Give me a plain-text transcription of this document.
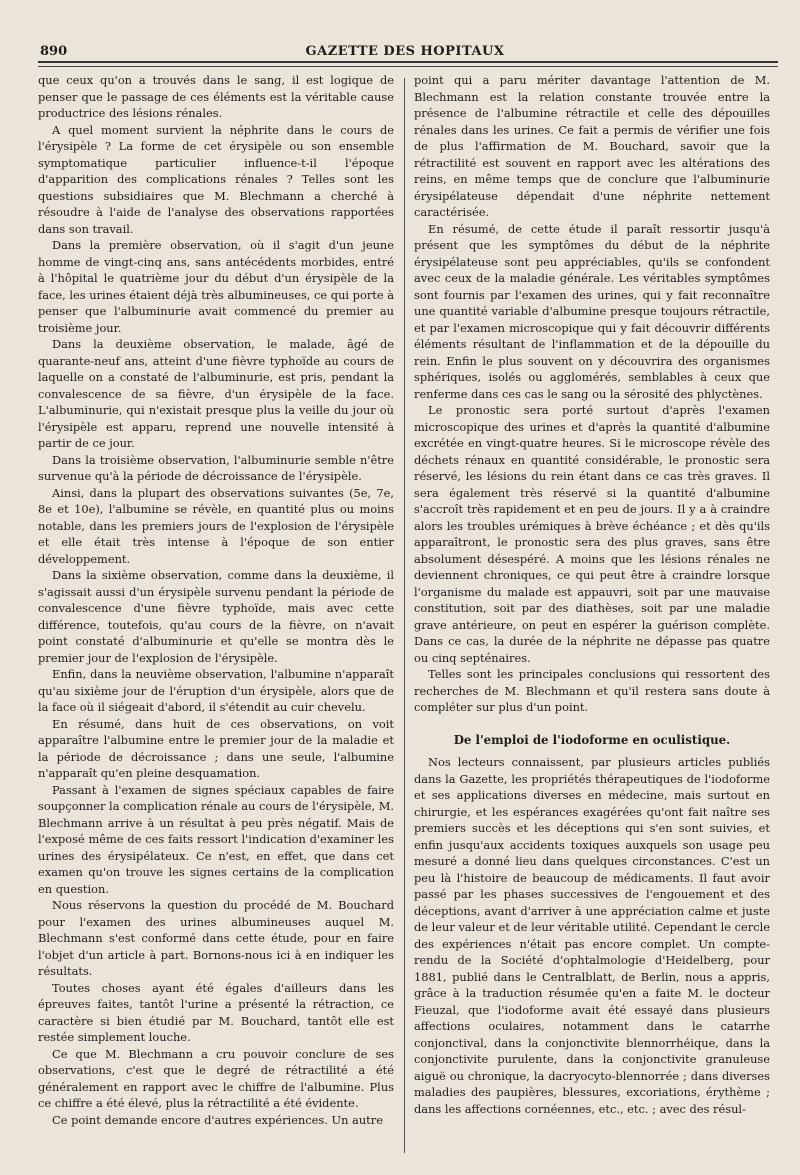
890	GAZETTE DES HOPITAUX

que ceux qu'on a trouvés dans le sang, il est logique de penser que le passage de ces éléments est la véritable cause productrice des lésions rénales.

A quel moment survient la néphrite dans le cours de l'érysipèle ? La forme de cet érysipèle ou son ensemble symptomatique particulier influence-t-il l'époque d'apparition des complications rénales ? Telles sont les questions subsidiaires que M. Blechmann a cherché à résoudre à l'aide de l'analyse des observations rapportées dans son travail.

Dans la première observation, où il s'agit d'un jeune homme de vingt-cinq ans, sans antécédents morbides, entré à l'hôpital le quatrième jour du début d'un érysipèle de la face, les urines étaient déjà très albumineuses, ce qui porte à penser que l'albuminurie avait commencé du premier au troisième jour.

Dans la deuxième observation, le malade, âgé de quarante-neuf ans, atteint d'une fièvre typhoïde au cours de laquelle on a constaté de l'albuminurie, est pris, pendant la convalescence de sa fièvre, d'un érysipèle de la face. L'albuminurie, qui n'existait presque plus la veille du jour où l'érysipèle est apparu, reprend une nouvelle intensité à partir de ce jour.

Dans la troisième observation, l'albuminurie semble n'être survenue qu'à la période de décroissance de l'érysipèle.

Ainsi, dans la plupart des observations suivantes (5e, 7e, 8e et 10e), l'albumine se révèle, en quantité plus ou moins notable, dans les premiers jours de l'explosion de l'érysipèle et elle était très intense à l'époque de son entier développement.

Dans la sixième observation, comme dans la deuxième, il s'agissait aussi d'un érysipèle survenu pendant la période de convalescence d'une fièvre typhoïde, mais avec cette différence, toutefois, qu'au cours de la fièvre, on n'avait point constaté d'albuminurie et qu'elle se montra dès le premier jour de l'explosion de l'érysipèle.

Enfin, dans la neuvième observation, l'albumine n'apparaît qu'au sixième jour de l'éruption d'un érysipèle, alors que de la face où il siégeait d'abord, il s'étendit au cuir chevelu.

En résumé, dans huit de ces observations, on voit apparaître l'albumine entre le premier jour de la maladie et la période de décroissance ; dans une seule, l'albumine n'apparaît qu'en pleine desquamation.

Passant à l'examen de signes spéciaux capables de faire soupçonner la complication rénale au cours de l'érysipèle, M. Blechmann arrive à un résultat à peu près négatif. Mais de l'exposé même de ces faits ressort l'indication d'examiner les urines des érysipélateux. Ce n'est, en effet, que dans cet examen qu'on trouve les signes certains de la complication en question.

Nous réservons la question du procédé de M. Bouchard pour l'examen des urines albumineuses auquel M. Blechmann s'est conformé dans cette étude, pour en faire l'objet d'un article à part. Bornons-nous ici à en indiquer les résultats.

Toutes choses ayant été égales d'ailleurs dans les épreuves faites, tantôt l'urine a présenté la rétraction, ce caractère si bien étudié par M. Bouchard, tantôt elle est restée simplement louche.

Ce que M. Blechmann a cru pouvoir conclure de ses observations, c'est que le degré de rétractilité a été généralement en rapport avec le chiffre de l'albumine. Plus ce chiffre a été élevé, plus la rétractilité a été évidente.

Ce point demande encore d'autres expériences. Un autre

point qui a paru mériter davantage l'attention de M. Blechmann est la relation constante trouvée entre la présence de l'albumine rétractile et celle des dépouilles rénales dans les urines. Ce fait a permis de vérifier une fois de plus l'affirmation de M. Bouchard, savoir que la rétractilité est souvent en rapport avec les altérations des reins, en même temps que de conclure que l'albuminurie érysipélateuse dépendait d'une néphrite nettement caractérisée.

En résumé, de cette étude il paraît ressortir jusqu'à présent que les symptômes du début de la néphrite érysipélateuse sont peu appréciables, qu'ils se confondent avec ceux de la maladie générale. Les véritables symptômes sont fournis par l'examen des urines, qui y fait reconnaître une quantité variable d'albumine presque toujours rétractile, et par l'examen microscopique qui y fait découvrir différents éléments résultant de l'inflammation et de la dépouille du rein. Enfin le plus souvent on y découvrira des organismes sphériques, isolés ou agglomérés, semblables à ceux que renferme dans ces cas le sang ou la sérosité des phlyctènes.

Le pronostic sera porté surtout d'après l'examen microscopique des urines et d'après la quantité d'albumine excrétée en vingt-quatre heures. Si le microscope révèle des déchets rénaux en quantité considérable, le pronostic sera réservé, les lésions du rein étant dans ce cas très graves. Il sera également très réservé si la quantité d'albumine s'accroît très rapidement et en peu de jours. Il y a à craindre alors les troubles urémiques à brève échéance ; et dès qu'ils apparaîtront, le pronostic sera des plus graves, sans être absolument désespéré. A moins que les lésions rénales ne deviennent chroniques, ce qui peut être à craindre lorsque l'organisme du malade est appauvri, soit par une mauvaise constitution, soit par des diathèses, soit par une maladie grave antérieure, on peut en espérer la guérison complète. Dans ce cas, la durée de la néphrite ne dépasse pas quatre ou cinq septénaires.

Telles sont les principales conclusions qui ressortent des recherches de M. Blechmann et qu'il restera sans doute à compléter sur plus d'un point.

De l'emploi de l'iodoforme en oculistique.

Nos lecteurs connaissent, par plusieurs articles publiés dans la Gazette, les propriétés thérapeutiques de l'iodoforme et ses applications diverses en médecine, mais surtout en chirurgie, et les espérances exagérées qu'ont fait naître ses premiers succès et les déceptions qui s'en sont suivies, et enfin jusqu'aux accidents toxiques auxquels son usage peu mesuré a donné lieu dans quelques circonstances. C'est un peu là l'histoire de beaucoup de médicaments. Il faut avoir passé par les phases successives de l'engouement et des déceptions, avant d'arriver à une appréciation calme et juste de leur valeur et de leur véritable utilité. Cependant le cercle des expériences n'était pas encore complet. Un compte-rendu de la Société d'ophtalmologie d'Heidelberg, pour 1881, publié dans le Centralblatt, de Berlin, nous a appris, grâce à la traduction résumée qu'en a faite M. le docteur Fieuzal, que l'iodoforme avait été essayé dans plusieurs affections oculaires, notamment dans le catarrhe conjonctival, dans la conjonctivite blennorrhéique, dans la conjonctivite purulente, dans la conjonctivite granuleuse aiguë ou chronique, la dacryocyto-blennorrée ; dans diverses maladies des paupières, blessures, excoriations, érythème ; dans les affections cornéennes, etc., etc. ; avec des résul-
